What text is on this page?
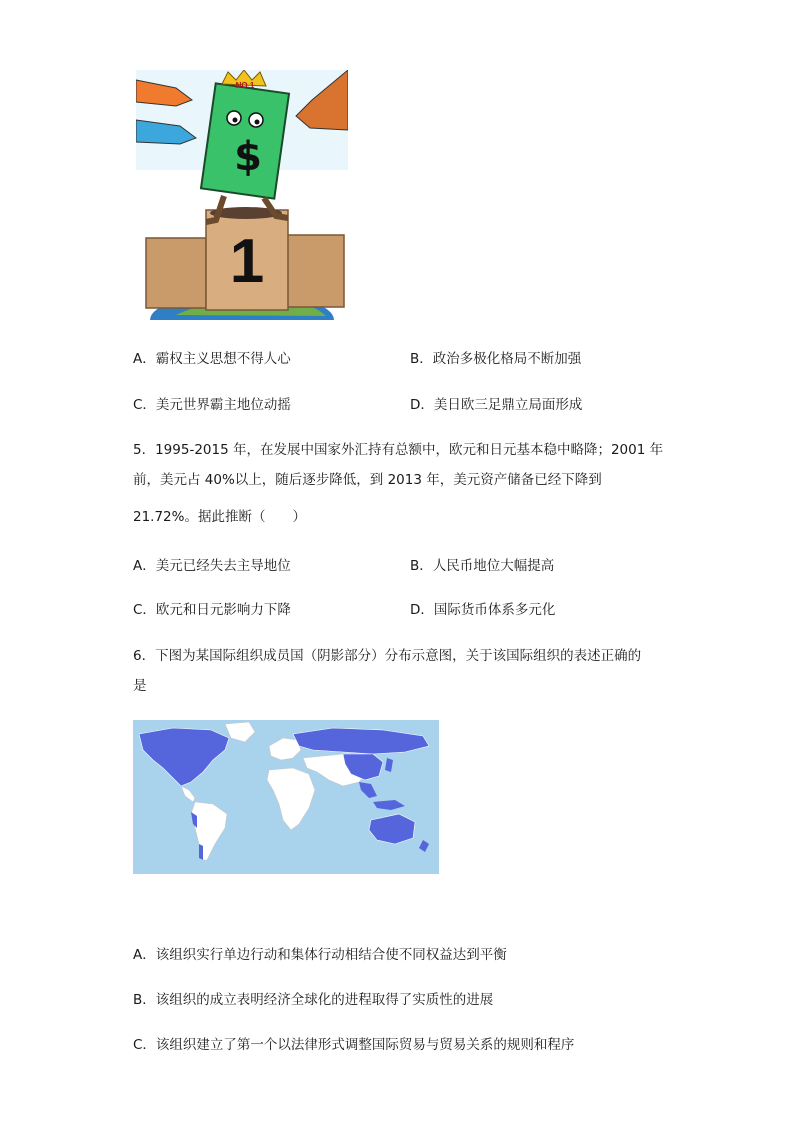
1
$
NO.1
A．霸权主义思想不得人心	B．政治多极化格局不断加强
C．美元世界霸主地位动摇	D．美日欧三足鼎立局面形成
5．1995-2015 年，在发展中国家外汇持有总额中，欧元和日元基本稳中略降；2001 年
前，美元占 40%以上，随后逐步降低，到 2013 年，美元资产储备已经下降到
21.72%。据此推断（　　）
A．美元已经失去主导地位	B．人民币地位大幅提高
C．欧元和日元影响力下降	D．国际货币体系多元化
6．下图为某国际组织成员国（阴影部分）分布示意图，关于该国际组织的表述正确的
是
A．该组织实行单边行动和集体行动相结合使不同权益达到平衡
B．该组织的成立表明经济全球化的进程取得了实质性的进展
C．该组织建立了第一个以法律形式调整国际贸易与贸易关系的规则和程序
